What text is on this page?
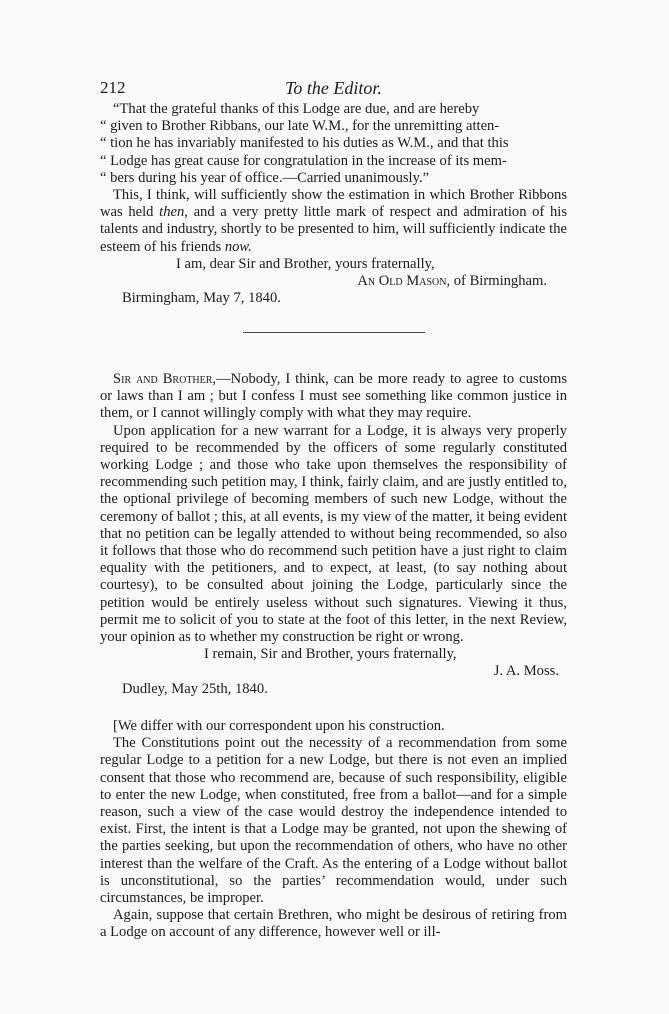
212	To the Editor.

“That the grateful thanks of this Lodge are due, and are hereby

“ given to Brother Ribbans, our late W.M., for the unremitting atten-

“ tion he has invariably manifested to his duties as W.M., and that this

“ Lodge has great cause for congratulation in the increase of its mem-

“ bers during his year of office.—Carried unanimously.”

This, I think, will sufficiently show the estimation in which Brother Ribbons was held then, and a very pretty little mark of respect and admiration of his talents and industry, shortly to be presented to him, will sufficiently indicate the esteem of his friends now.

I am, dear Sir and Brother, yours fraternally,
An Old Mason, of Birmingham.
Birmingham, May 7, 1840.

Sir and Brother,—Nobody, I think, can be more ready to agree to customs or laws than I am ; but I confess I must see something like common justice in them, or I cannot willingly comply with what they may require.

Upon application for a new warrant for a Lodge, it is always very properly required to be recommended by the officers of some regularly constituted working Lodge ; and those who take upon themselves the responsibility of recommending such petition may, I think, fairly claim, and are justly entitled to, the optional privilege of becoming members of such new Lodge, without the ceremony of ballot ; this, at all events, is my view of the matter, it being evident that no petition can be legally attended to without being recommended, so also it follows that those who do recommend such petition have a just right to claim equality with the petitioners, and to expect, at least, (to say nothing about courtesy), to be consulted about joining the Lodge, particularly since the petition would be entirely useless without such signatures. Viewing it thus, permit me to solicit of you to state at the foot of this letter, in the next Review, your opinion as to whether my construction be right or wrong.

I remain, Sir and Brother, yours fraternally,
J. A. Moss.
Dudley, May 25th, 1840.

[We differ with our correspondent upon his construction.

The Constitutions point out the necessity of a recommendation from some regular Lodge to a petition for a new Lodge, but there is not even an implied consent that those who recommend are, because of such responsibility, eligible to enter the new Lodge, when constituted, free from a ballot—and for a simple reason, such a view of the case would destroy the independence intended to exist. First, the intent is that a Lodge may be granted, not upon the shewing of the parties seeking, but upon the recommendation of others, who have no other interest than the welfare of the Craft. As the entering of a Lodge without ballot is unconstitutional, so the parties’ recommendation would, under such circumstances, be improper.

Again, suppose that certain Brethren, who might be desirous of retiring from a Lodge on account of any difference, however well or ill-
